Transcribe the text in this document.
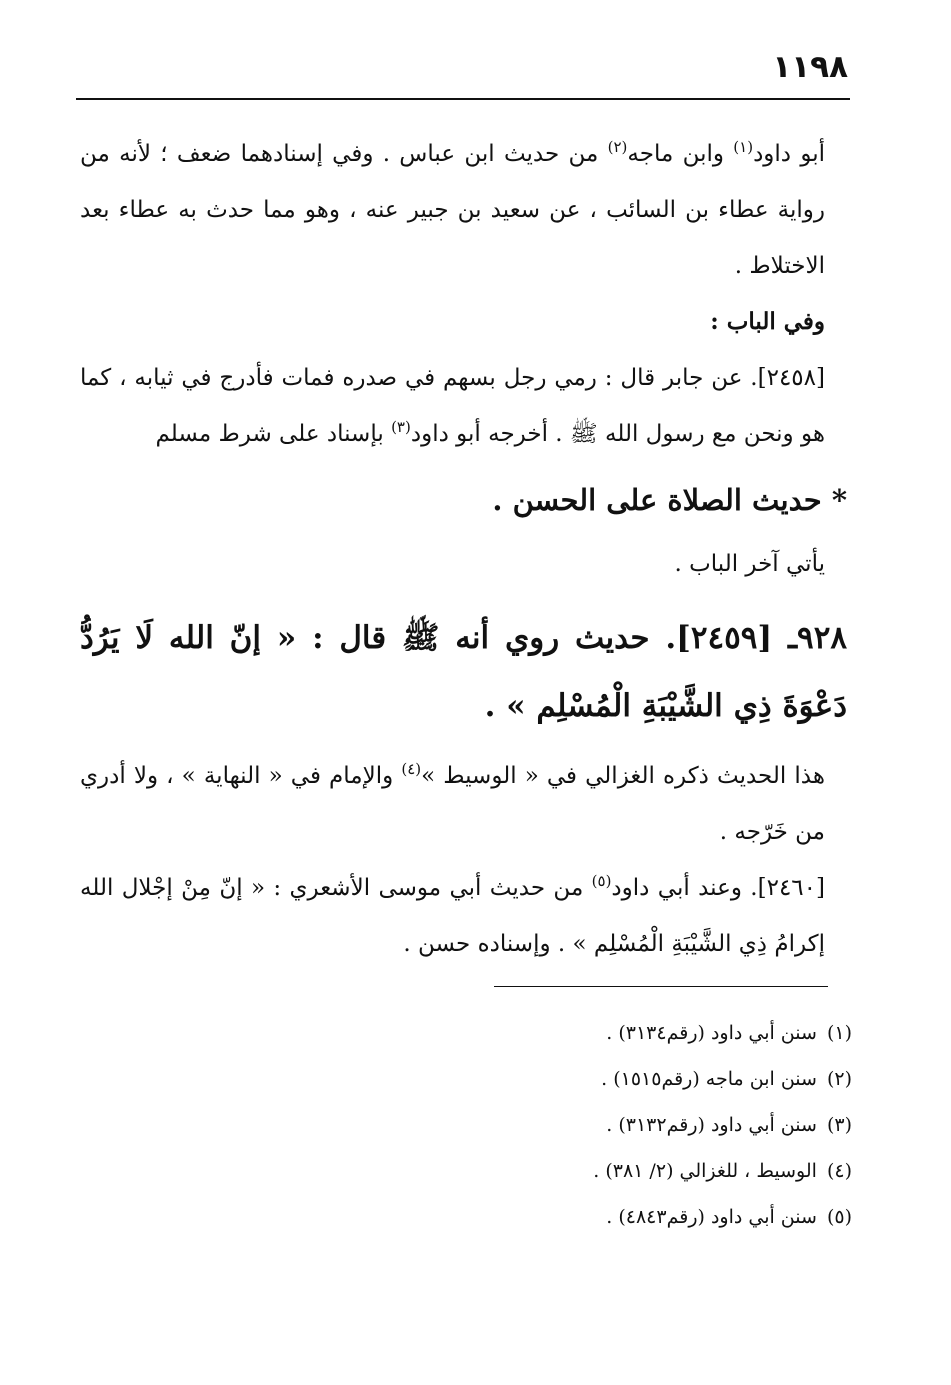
١١٩٨

أبو داود$^{(١)}$ وابن ماجه$^{(٢)}$ من حديث ابن عباس . وفي إسنادهما ضعف ؛ لأنه من رواية عطاء بن السائب ، عن سعيد بن جبير عنه ، وهو مما حدث به عطاء بعد الاختلاط .

وفي الباب :

[٢٤٥٨]. عن جابر قال : رمي رجل بسهم في صدره فمات فأدرج في ثيابه ، كما هو ونحن مع رسول الله ﷺ . أخرجه أبو داود$^{(٣)}$ بإسناد على شرط مسلم

* حديث الصلاة على الحسن .

يأتي آخر الباب .

٩٢٨ـ [٢٤٥٩]. حديث روي أنه ﷺ قال : « إنّ الله لَا يَرُدُّ دَعْوَةَ ذِي الشَّيْبَةِ الْمُسْلِم » .

هذا الحديث ذكره الغزالي في « الوسيط »$^{(٤)}$ والإمام في « النهاية » ، ولا أدري من خَرّجه .

[٢٤٦٠]. وعند أبي داود$^{(٥)}$ من حديث أبي موسى الأشعري : « إنّ مِنْ إجْلال الله إكرامُ ذِي الشَّيْبَةِ الْمُسْلِم » . وإسناده حسن .

(١)
سنن أبي داود (رقم٣١٣٤) .
(٢)
سنن ابن ماجه (رقم١٥١٥) .
(٣)
سنن أبي داود (رقم٣١٣٢) .
(٤)
الوسيط ، للغزالي (٢/ ٣٨١) .
(٥)
سنن أبي داود (رقم٤٨٤٣) .
